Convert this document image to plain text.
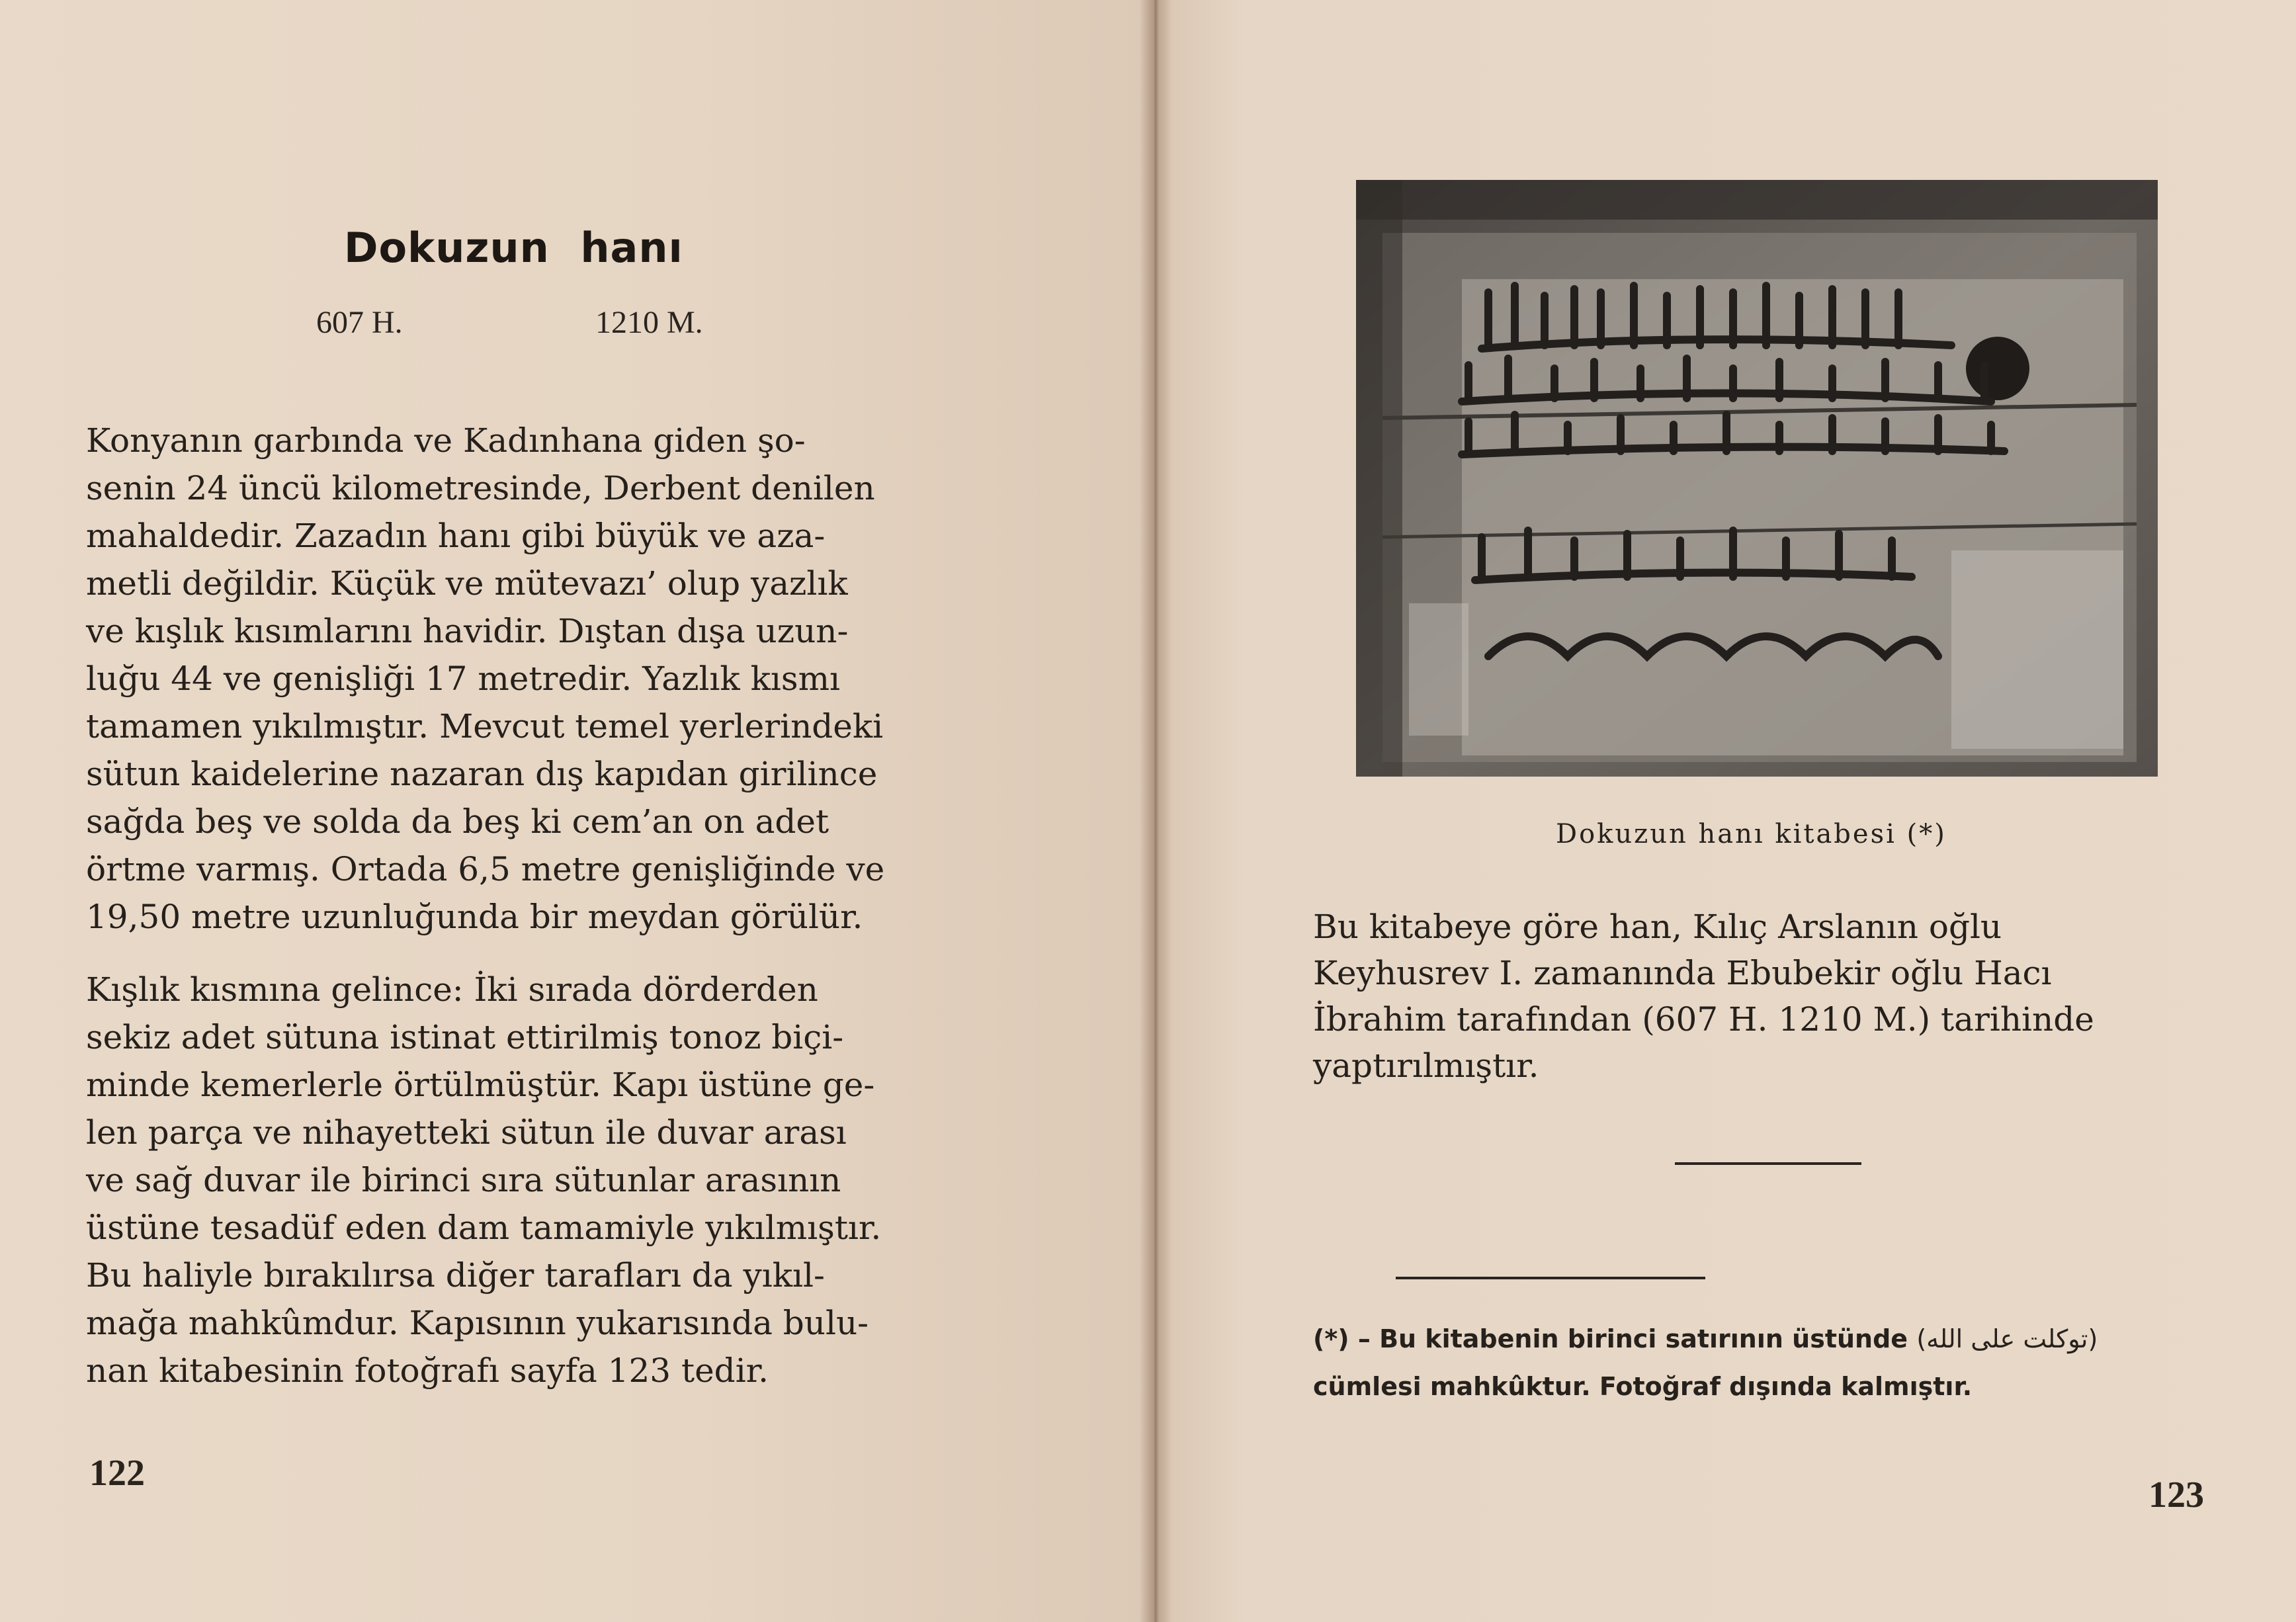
Dokuzun hanı
607 H.	1210 M.
Konyanın garbında ve Kadınhana giden şo-
senin 24 üncü kilometresinde, Derbent denilen
mahaldedir. Zazadın hanı gibi büyük ve aza-
metli değildir. Küçük ve mütevazı’ olup yazlık
ve kışlık kısımlarını havidir. Dıştan dışa uzun-
luğu 44 ve genişliği 17 metredir. Yazlık kısmı
tamamen yıkılmıştır. Mevcut temel yerlerindeki
sütun kaidelerine nazaran dış kapıdan girilince
sağda beş ve solda da beş ki cem’an on adet
örtme varmış. Ortada 6,5 metre genişliğinde ve
19,50 metre uzunluğunda bir meydan görülür.
Kışlık kısmına gelince: İki sırada dörderden
sekiz adet sütuna istinat ettirilmiş tonoz biçi-
minde kemerlerle örtülmüştür. Kapı üstüne ge-
len parça ve nihayetteki sütun ile duvar arası
ve sağ duvar ile birinci sıra sütunlar arasının
üstüne tesadüf eden dam tamamiyle yıkılmıştır.
Bu haliyle bırakılırsa diğer tarafları da yıkıl-
mağa mahkûmdur. Kapısının yukarısında bulu-
nan kitabesinin fotoğrafı sayfa 123 tedir.
122
Dokuzun hanı kitabesi (*)
Bu kitabeye göre han, Kılıç Arslanın oğlu
Keyhusrev I. zamanında Ebubekir oğlu Hacı
İbrahim tarafından (607 H. 1210 M.) tarihinde
yaptırılmıştır.
(*) – Bu kitabenin birinci satırının üstünde (توكلت على الله)
cümlesi mahkûktur. Fotoğraf dışında kalmıştır.
123
